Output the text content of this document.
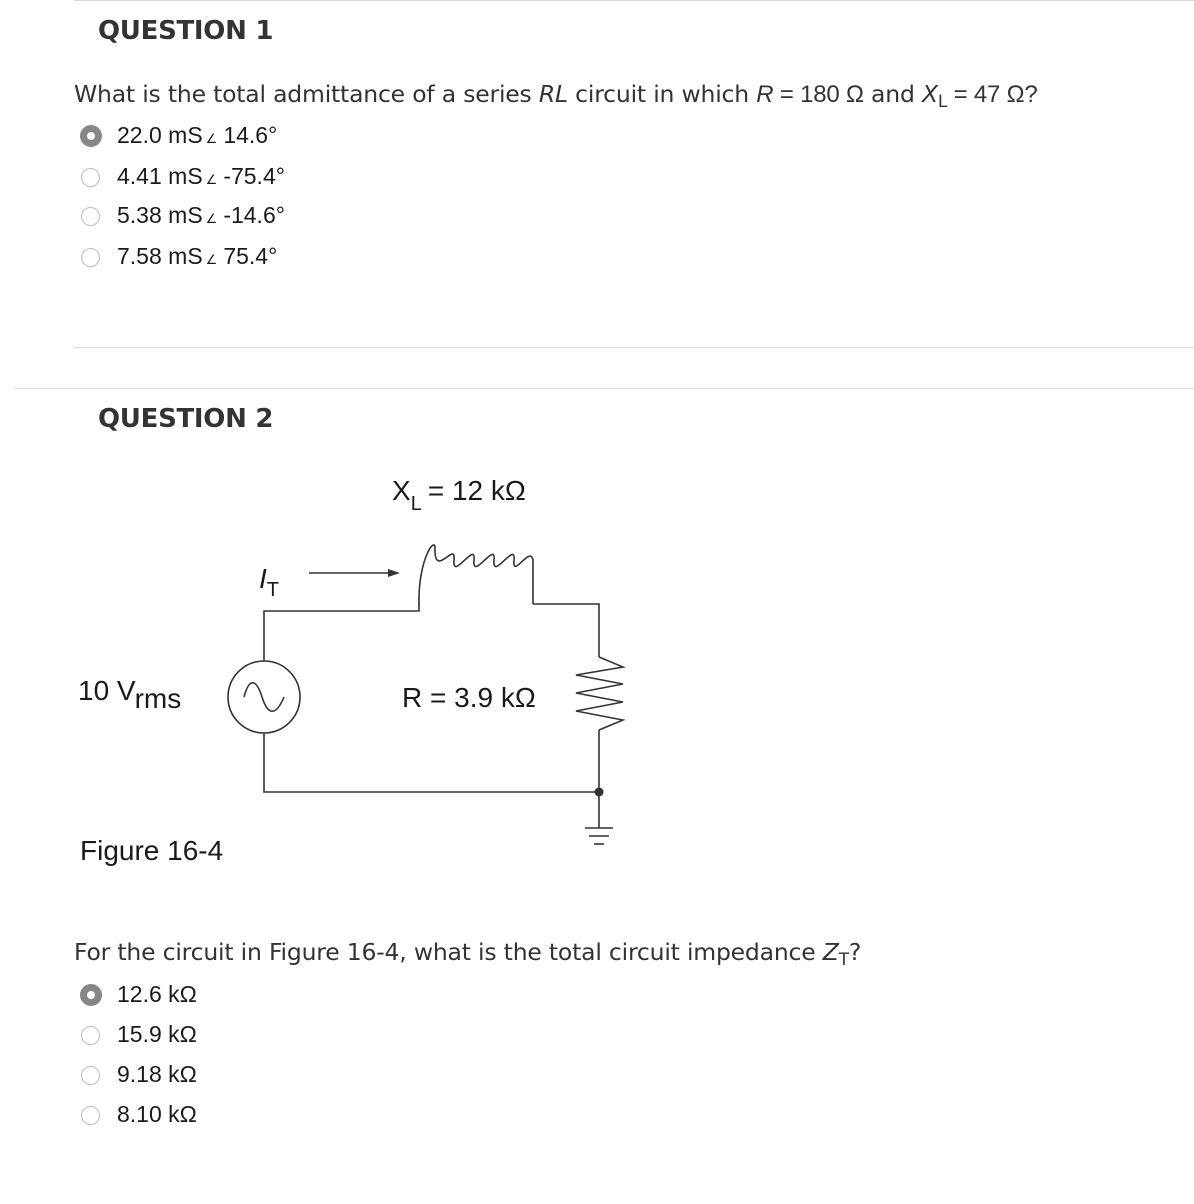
QUESTION 1
What is the total admittance of a series RL circuit in which R = 180 Ω and $X_L = 47$ Ω?
22.0 mS ∠ 14.6°
4.41 mS ∠ -75.4°
5.38 mS ∠ -14.6°
7.58 mS ∠ 75.4°
QUESTION 2
$X_L = 12$ kΩ
$I_T$
10 Vrms	R = 3.9 kΩ
Figure 16-4
For the circuit in Figure 16-4, what is the total circuit impedance $Z_T$?
12.6 kΩ
15.9 kΩ
9.18 kΩ
8.10 kΩ
